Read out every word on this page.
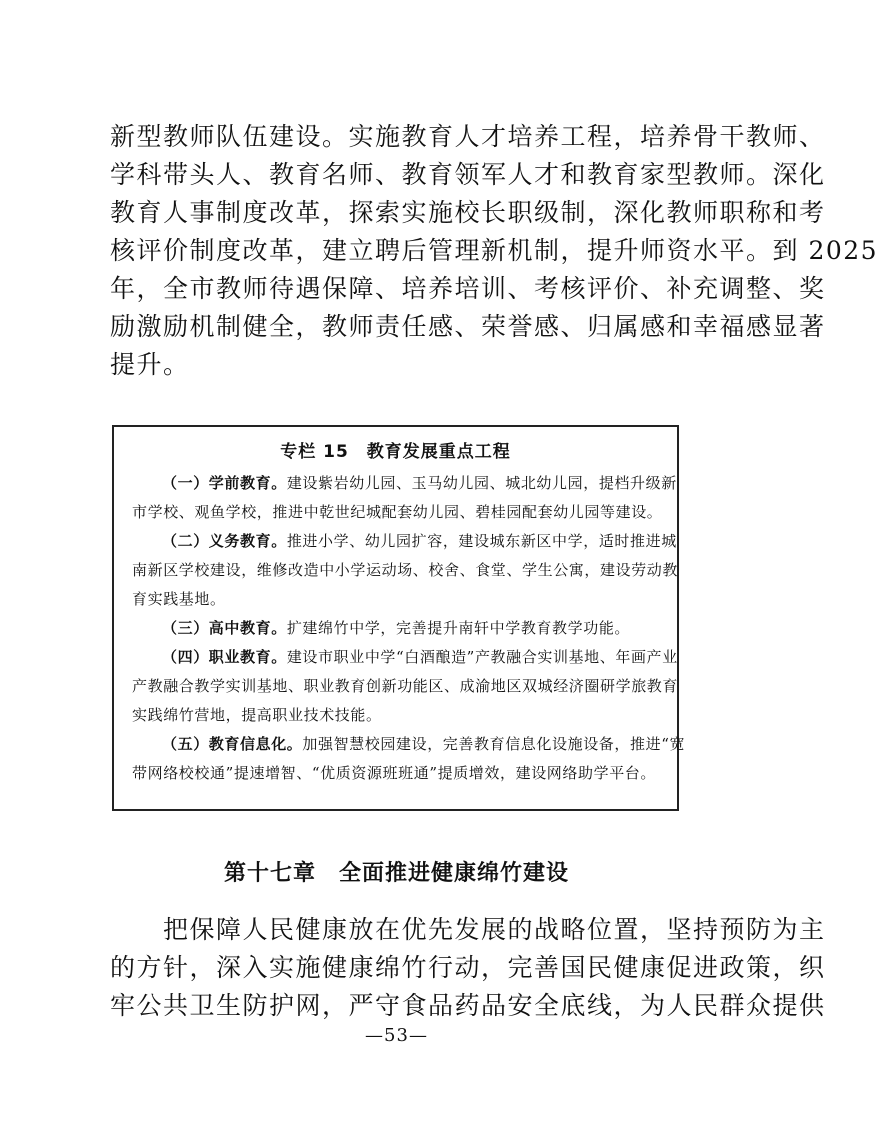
新型教师队伍建设。实施教育人才培养工程，培养骨干教师、
学科带头人、教育名师、教育领军人才和教育家型教师。深化
教育人事制度改革，探索实施校长职级制，深化教师职称和考
核评价制度改革，建立聘后管理新机制，提升师资水平。到 2025
年，全市教师待遇保障、培养培训、考核评价、补充调整、奖
励激励机制健全，教师责任感、荣誉感、归属感和幸福感显著
提升。
专栏 15　教育发展重点工程
（一）学前教育。建设紫岩幼儿园、玉马幼儿园、城北幼儿园，提档升级新
市学校、观鱼学校，推进中乾世纪城配套幼儿园、碧桂园配套幼儿园等建设。
（二）义务教育。推进小学、幼儿园扩容，建设城东新区中学，适时推进城
南新区学校建设，维修改造中小学运动场、校舍、食堂、学生公寓，建设劳动教
育实践基地。
（三）高中教育。扩建绵竹中学，完善提升南轩中学教育教学功能。
（四）职业教育。建设市职业中学“白酒酿造”产教融合实训基地、年画产业
产教融合教学实训基地、职业教育创新功能区、成渝地区双城经济圈研学旅教育
实践绵竹营地，提高职业技术技能。
（五）教育信息化。加强智慧校园建设，完善教育信息化设施设备，推进“宽
带网络校校通”提速增智、“优质资源班班通”提质增效，建设网络助学平台。
第十七章　全面推进健康绵竹建设
　　把保障人民健康放在优先发展的战略位置，坚持预防为主
的方针，深入实施健康绵竹行动，完善国民健康促进政策，织
牢公共卫生防护网，严守食品药品安全底线，为人民群众提供
—53—
